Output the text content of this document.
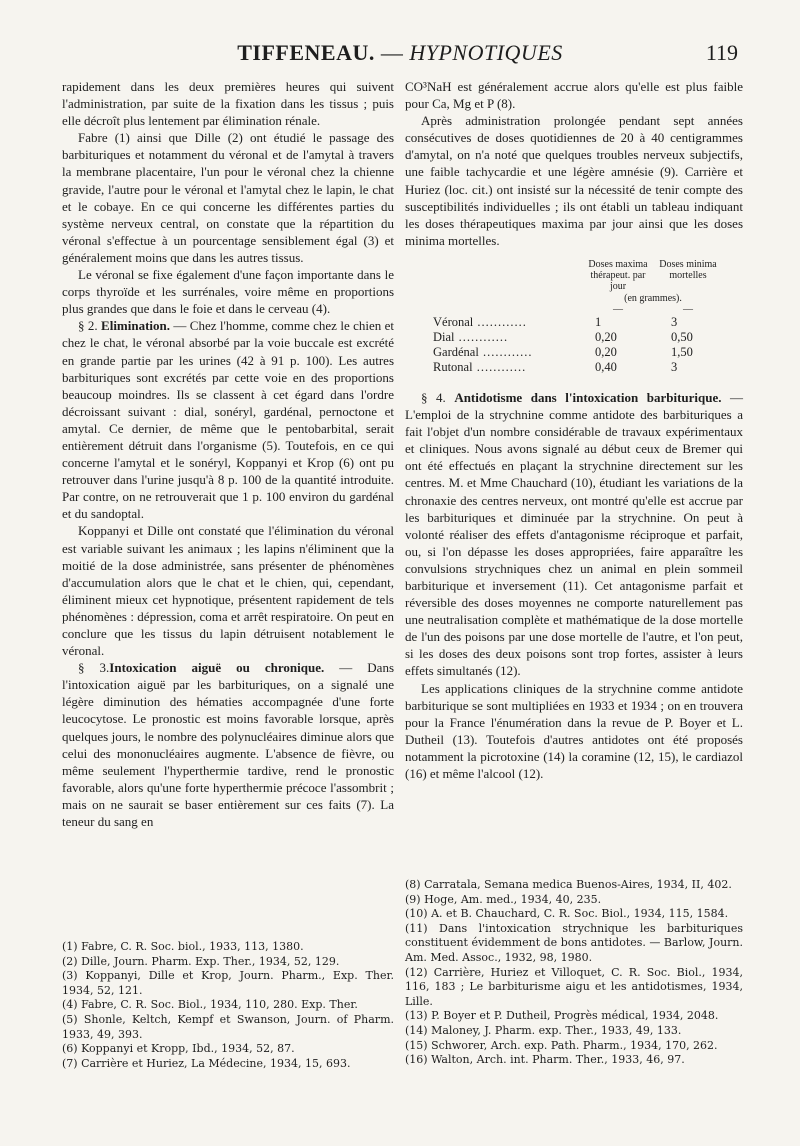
TIFFENEAU. — HYPNOTIQUES	119

rapidement dans les deux premières heures qui suivent l'administration, par suite de la fixation dans les tissus ; puis elle décroît plus lentement par élimination rénale.

Fabre (1) ainsi que Dille (2) ont étudié le passage des barbituriques et notamment du véronal et de l'amytal à travers la membrane placentaire, l'un pour le véronal chez la chienne gravide, l'autre pour le véronal et l'amytal chez le lapin, le chat et le cobaye. En ce qui concerne les différentes parties du système nerveux central, on constate que la répartition du véronal s'effectue à un pourcentage sensiblement égal (3) et généralement moins que dans les autres tissus.

Le véronal se fixe également d'une façon importante dans le corps thyroïde et les surrénales, voire même en proportions plus grandes que dans le foie et dans le cerveau (4).

§ 2. Elimination. — Chez l'homme, comme chez le chien et chez le chat, le véronal absorbé par la voie buccale est excrété en grande partie par les urines (42 à 91 p. 100). Les autres barbituriques sont excrétés par cette voie en des proportions beaucoup moindres. Ils se classent à cet égard dans l'ordre décroissant suivant : dial, sonéryl, gardénal, pernoctone et amytal. Ce dernier, de même que le pentobarbital, serait entièrement détruit dans l'organisme (5). Toutefois, en ce qui concerne l'amytal et le sonéryl, Koppanyi et Krop (6) ont pu retrouver dans l'urine jusqu'à 8 p. 100 de la quantité introduite. Par contre, on ne retrouverait que 1 p. 100 environ du gardénal et du sandoptal.

Koppanyi et Dille ont constaté que l'élimination du véronal est variable suivant les animaux ; les lapins n'éliminent que la moitié de la dose administrée, sans présenter de phénomènes d'accumulation alors que le chat et le chien, qui, cependant, éliminent mieux cet hypnotique, présentent rapidement de tels phénomènes : dépression, coma et arrêt respiratoire. On peut en conclure que les tissus du lapin détruisent notablement le véronal.

§ 3.Intoxication aiguë ou chronique. — Dans l'intoxication aiguë par les barbituriques, on a signalé une légère diminution des hématies accompagnée d'une forte leucocytose. Le pronostic est moins favorable lorsque, après quelques jours, le nombre des polynucléaires diminue alors que celui des mononucléaires augmente. L'absence de fièvre, ou même seulement l'hyperthermie tardive, rend le pronostic favorable, alors qu'une forte hyperthermie précoce l'assombrit ; mais on ne saurait se baser entièrement sur ces faits (7). La teneur du sang en

(1) Fabre, C. R. Soc. biol., 1933, 113, 1380.

(2) Dille, Journ. Pharm. Exp. Ther., 1934, 52, 129.

(3) Koppanyi, Dille et Krop, Journ. Pharm., Exp. Ther. 1934, 52, 121.

(4) Fabre, C. R. Soc. Biol., 1934, 110, 280. Exp. Ther.

(5) Shonle, Keltch, Kempf et Swanson, Journ. of Pharm. 1933, 49, 393.

(6) Koppanyi et Kropp, Ibd., 1934, 52, 87.

(7) Carrière et Huriez, La Médecine, 1934, 15, 693.

CO³NaH est généralement accrue alors qu'elle est plus faible pour Ca, Mg et P (8).

Après administration prolongée pendant sept années consécutives de doses quotidiennes de 20 à 40 centigrammes d'amytal, on n'a noté que quelques troubles nerveux subjectifs, une faible tachycardie et une légère amnésie (9). Carrière et Huriez (loc. cit.) ont insisté sur la nécessité de tenir compte des susceptibilités individuelles ; ils ont établi un tableau indiquant les doses thérapeutiques maxima par jour ainsi que les doses minima mortelles.

Doses maxima thérapeut. par jour
Doses minima mortelles
(en grammes).
—	—
Véronal .....	1	3
Dial .....	0,20	0,50
Gardénal .....	0,20	1,50
Rutonal .....	0,40	3

§ 4. Antidotisme dans l'intoxication barbiturique. — L'emploi de la strychnine comme antidote des barbituriques a fait l'objet d'un nombre considérable de travaux expérimentaux et cliniques. Nous avons signalé au début ceux de Bremer qui ont été effectués en plaçant la strychnine directement sur les centres. M. et Mme Chauchard (10), étudiant les variations de la chronaxie des centres nerveux, ont montré qu'elle est accrue par les barbituriques et diminuée par la strychnine. On peut à volonté réaliser des effets d'antagonisme réciproque et parfait, ou, si l'on dépasse les doses appropriées, faire apparaître les convulsions strychniques chez un animal en plein sommeil barbiturique et inversement (11). Cet antagonisme parfait et réversible des doses moyennes ne comporte naturellement pas une neutralisation complète et mathématique de la dose mortelle de l'un des poisons par une dose mortelle de l'autre, et l'on peut, si les doses des deux poisons sont trop fortes, assister à leurs effets simultanés (12).

Les applications cliniques de la strychnine comme antidote barbiturique se sont multipliées en 1933 et 1934 ; on en trouvera pour la France l'énumération dans la revue de P. Boyer et L. Dutheil (13). Toutefois d'autres antidotes ont été proposés notamment la picrotoxine (14) la coramine (12, 15), le cardiazol (16) et même l'alcool (12).

(8) Carratala, Semana medica Buenos-Aires, 1934, II, 402.

(9) Hoge, Am. med., 1934, 40, 235.

(10) A. et B. Chauchard, C. R. Soc. Biol., 1934, 115, 1584.

(11) Dans l'intoxication strychnique les barbituriques constituent évidemment de bons antidotes. — Barlow, Journ. Am. Med. Assoc., 1932, 98, 1980.

(12) Carrière, Huriez et Villoquet, C. R. Soc. Biol., 1934, 116, 183 ; Le barbiturisme aigu et les antidotismes, 1934, Lille.

(13) P. Boyer et P. Dutheil, Progrès médical, 1934, 2048.

(14) Maloney, J. Pharm. exp. Ther., 1933, 49, 133.

(15) Schworer, Arch. exp. Path. Pharm., 1934, 170, 262.

(16) Walton, Arch. int. Pharm. Ther., 1933, 46, 97.
